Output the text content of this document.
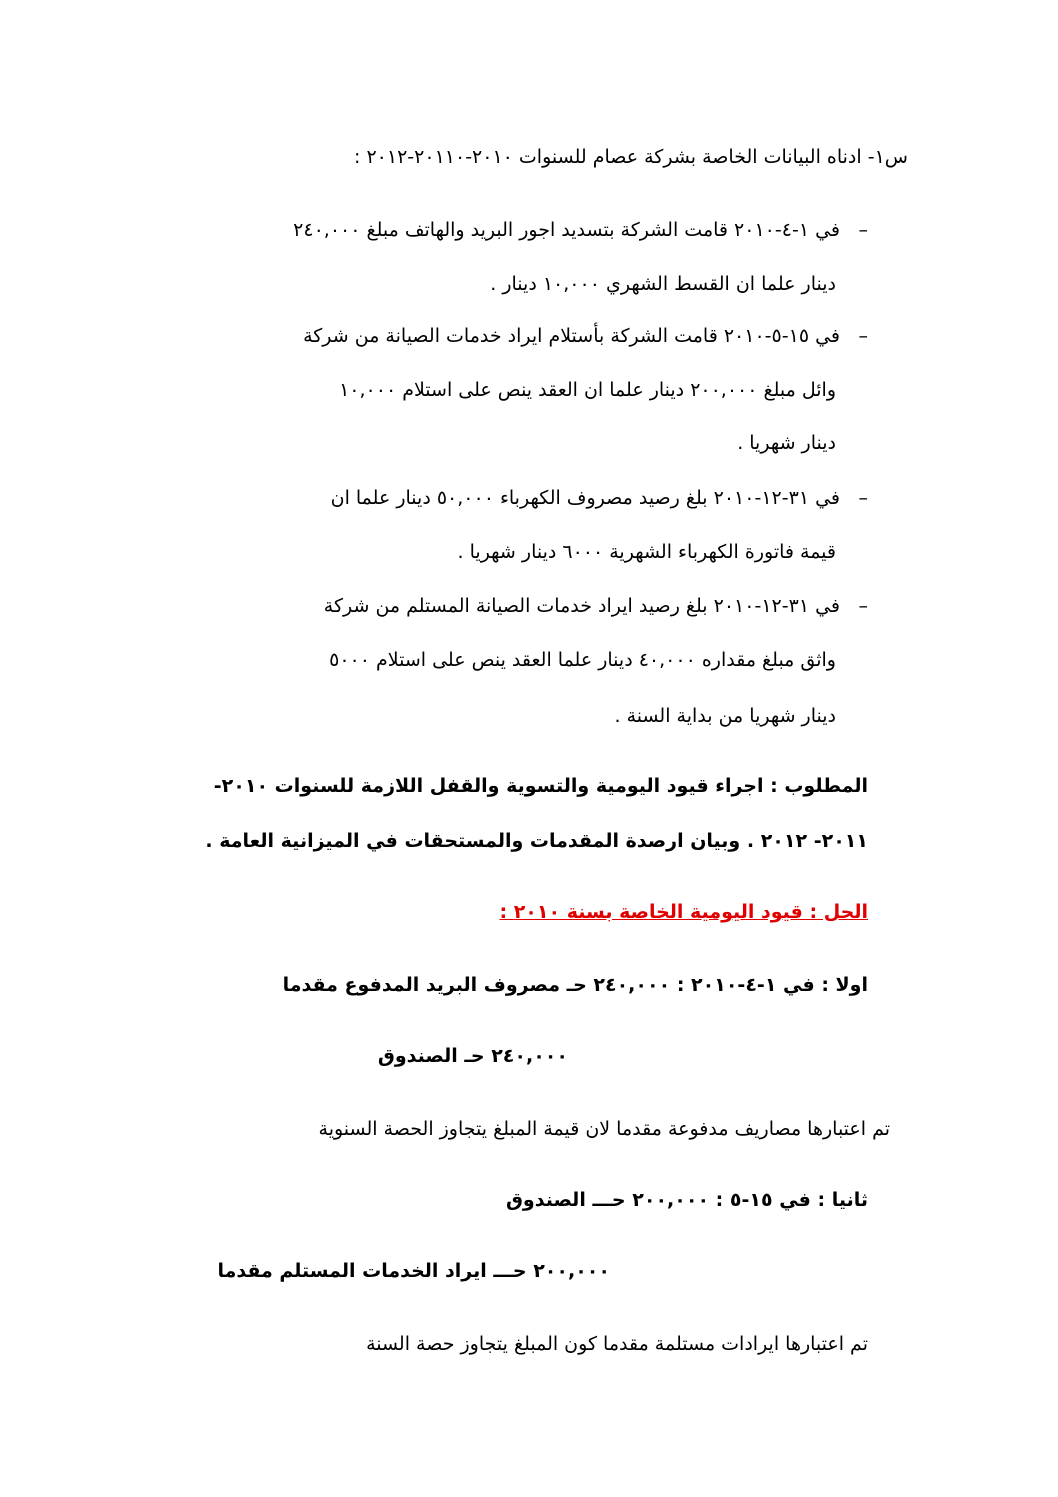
س١- ادناه البيانات الخاصة بشركة عصام للسنوات ٢٠١٠-٢٠١١٠-٢٠١٢ :
–في ١-٤-٢٠١٠ قامت الشركة بتسديد اجور البريد والهاتف مبلغ ٢٤٠,٠٠٠
دينار علما ان القسط الشهري ١٠,٠٠٠ دينار .
–في ١٥-٥-٢٠١٠ قامت الشركة بأستلام ايراد خدمات الصيانة من شركة
وائل مبلغ ٢٠٠,٠٠٠ دينار علما ان العقد ينص على استلام ١٠,٠٠٠
دينار شهريا .
–في ٣١-١٢-٢٠١٠ بلغ رصيد مصروف الكهرباء ٥٠,٠٠٠ دينار علما ان
قيمة فاتورة الكهرباء الشهرية ٦٠٠٠ دينار شهريا .
–في ٣١-١٢-٢٠١٠ بلغ رصيد ايراد خدمات الصيانة المستلم من شركة
واثق مبلغ مقداره ٤٠,٠٠٠ دينار علما العقد ينص على استلام ٥٠٠٠
دينار شهريا من بداية السنة .
المطلوب : اجراء قيود اليومية والتسوية والقفل اللازمة للسنوات ٢٠١٠-
٢٠١١- ٢٠١٢ . وبيان ارصدة المقدمات والمستحقات في الميزانية العامة .
الحل : قيود اليومية الخاصة بسنة ٢٠١٠ :
اولا : في ١-٤-٢٠١٠ : ٢٤٠,٠٠٠ حـ مصروف البريد المدفوع مقدما
٢٤٠,٠٠٠ حـ الصندوق
تم اعتبارها مصاريف مدفوعة مقدما لان قيمة المبلغ يتجاوز الحصة السنوية
ثانيا : في ١٥-٥ : ٢٠٠,٠٠٠ حـــ الصندوق
٢٠٠,٠٠٠ حـــ ايراد الخدمات المستلم مقدما
تم اعتبارها ايرادات مستلمة مقدما كون المبلغ يتجاوز حصة السنة
